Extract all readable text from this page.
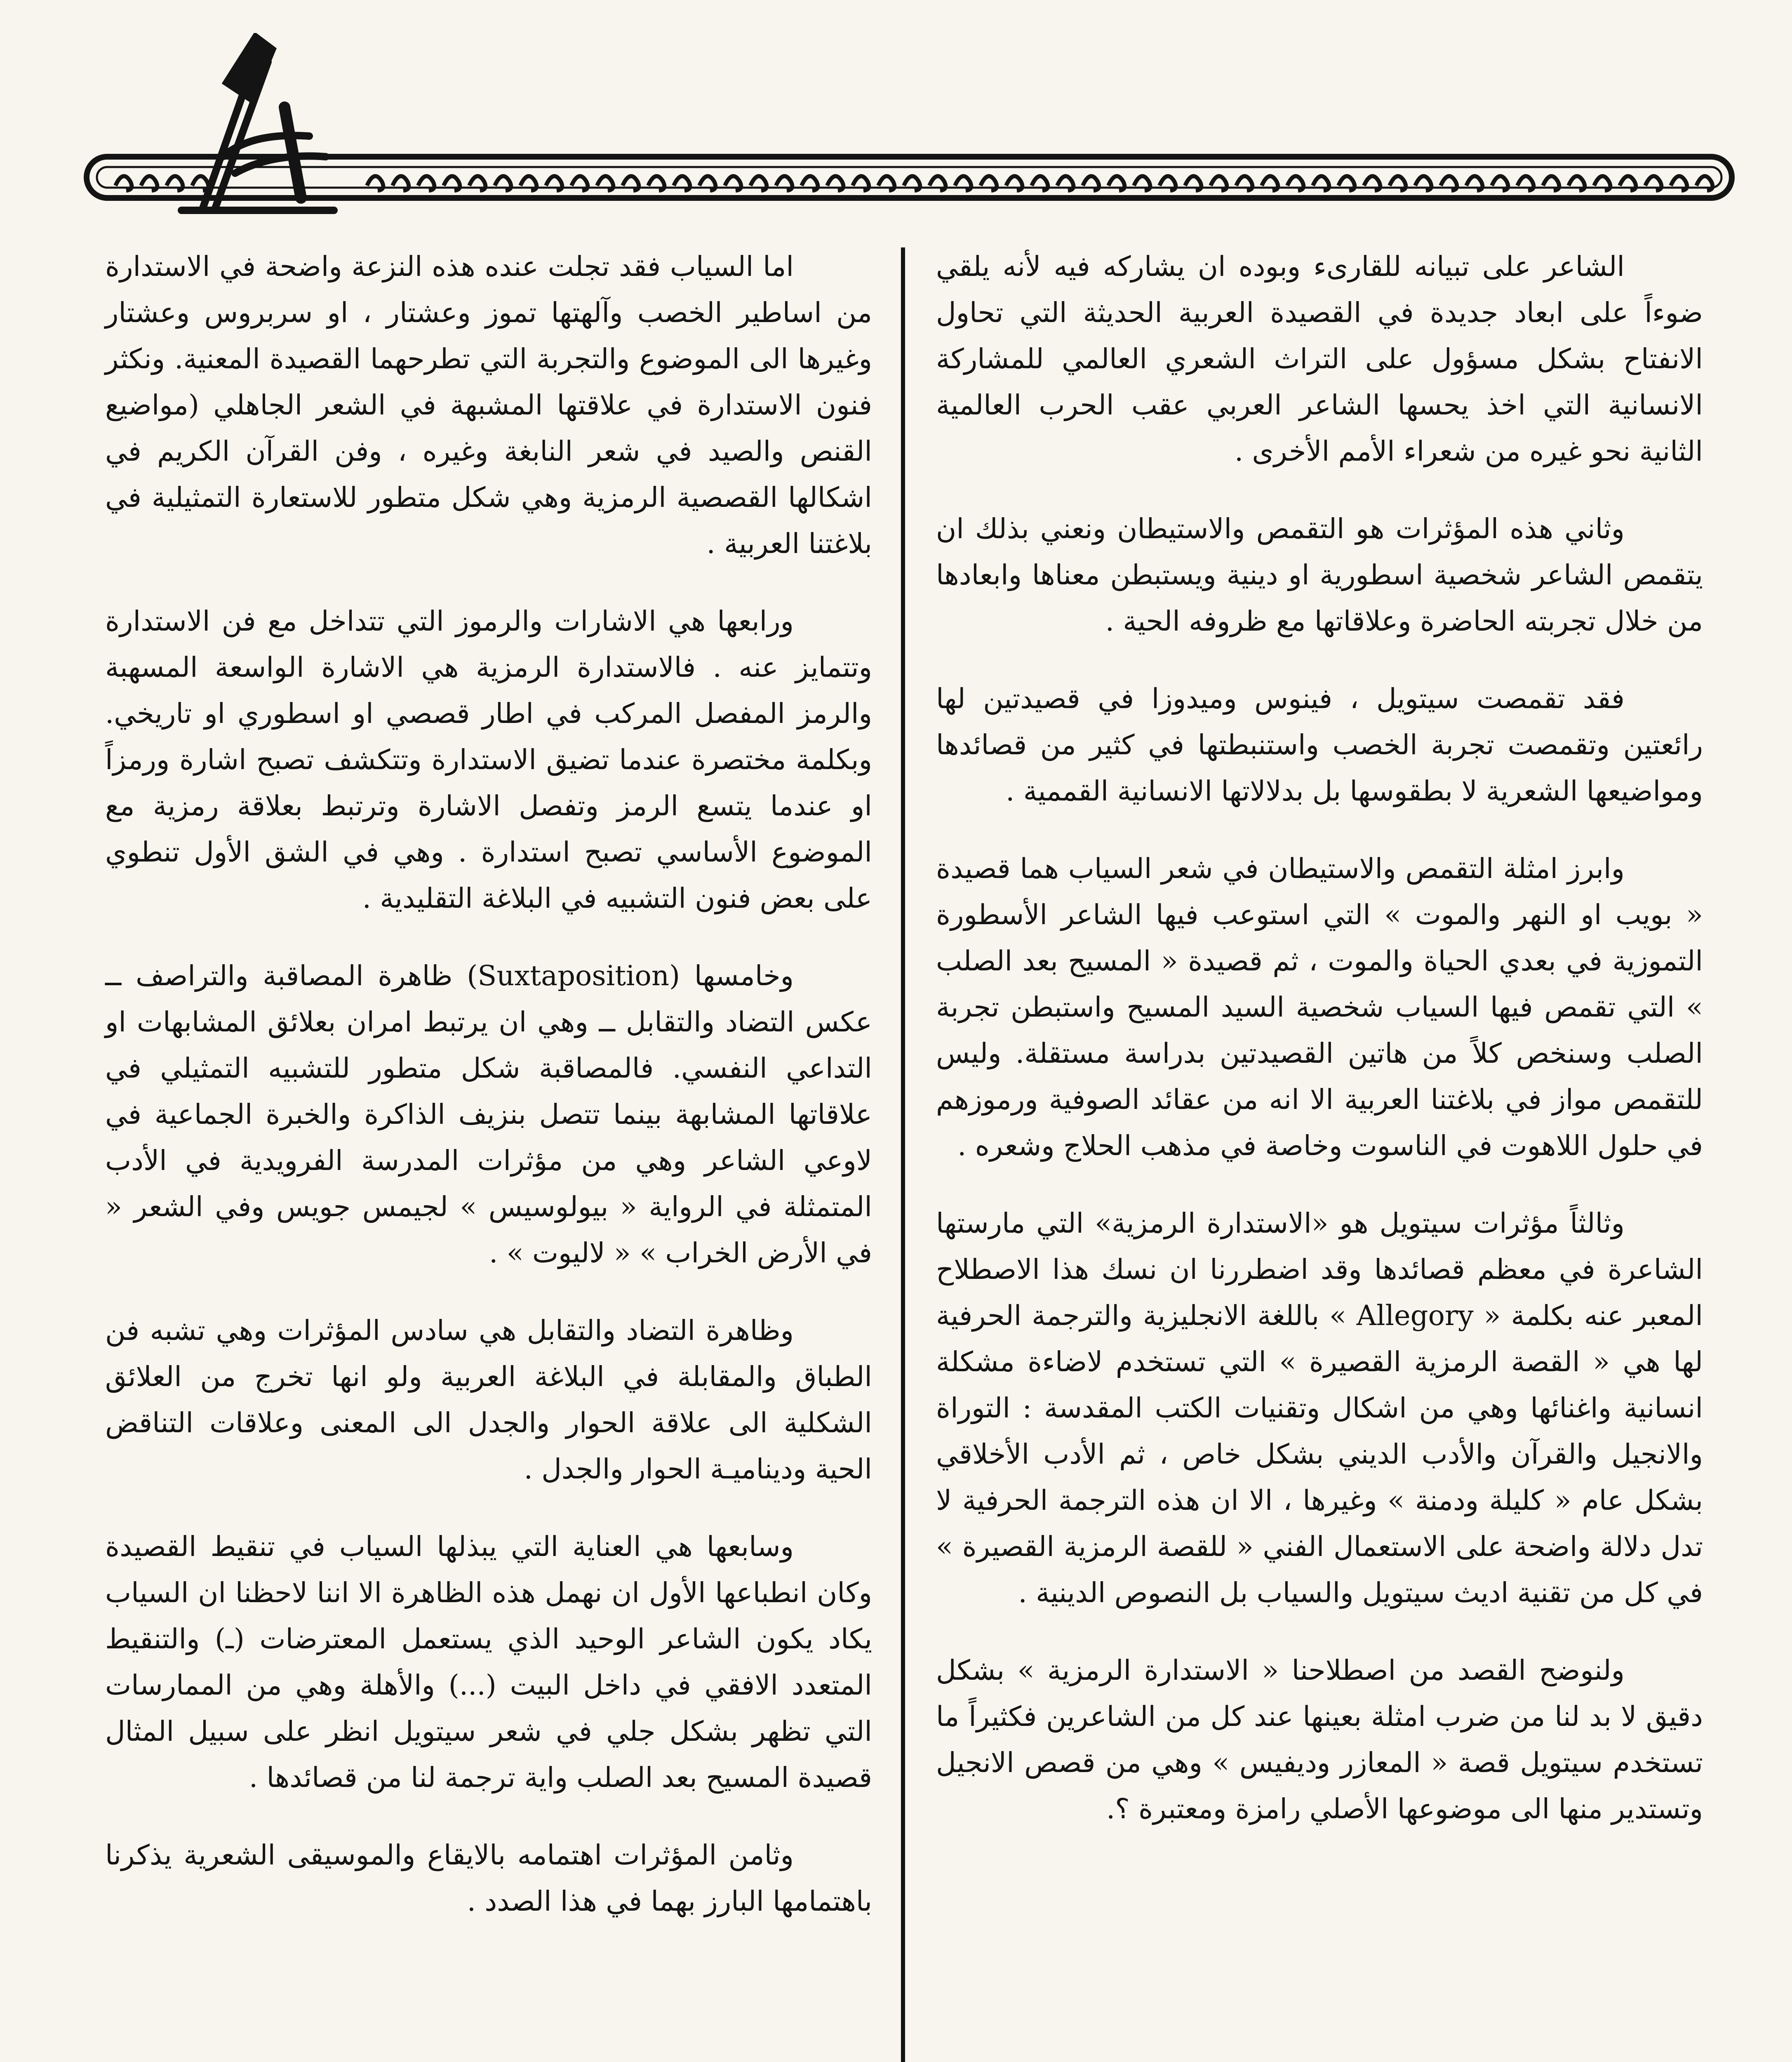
الشاعر على تبيانه للقارىء وبوده ان يشاركه فيه لأنه يلقي ضوءاً على ابعاد جديدة في القصيدة العربية الحديثة التي تحاول الانفتاح بشكل مسؤول على التراث الشعري العالمي للمشاركة الانسانية التي اخذ يحسها الشاعر العربي عقب الحرب العالمية الثانية نحو غيره من شعراء الأمم الأخرى .

وثاني هذه المؤثرات هو التقمص والاستيطان ونعني بذلك ان يتقمص الشاعر شخصية اسطورية او دينية ويستبطن معناها وابعادها من خلال تجربته الحاضرة وعلاقاتها مع ظروفه الحية .

فقد تقمصت سيتويل ، فينوس وميدوزا في قصيدتين لها رائعتين وتقمصت تجربة الخصب واستنبطتها في كثير من قصائدها ومواضيعها الشعرية لا بطقوسها بل بدلالاتها الانسانية القممية .

وابرز امثلة التقمص والاستيطان في شعر السياب هما قصيدة « بويب او النهر والموت » التي استوعب فيها الشاعر الأسطورة التموزية في بعدي الحياة والموت ، ثم قصيدة « المسيح بعد الصلب » التي تقمص فيها السياب شخصية السيد المسيح واستبطن تجربة الصلب وسنخص كلاً من هاتين القصيدتين بدراسة مستقلة. وليس للتقمص مواز في بلاغتنا العربية الا انه من عقائد الصوفية ورموزهم في حلول اللاهوت في الناسوت وخاصة في مذهب الحلاج وشعره .

وثالثاً مؤثرات سيتويل هو «الاستدارة الرمزية» التي مارستها الشاعرة في معظم قصائدها وقد اضطررنا ان نسك هذا الاصطلاح المعبر عنه بكلمة « Allegory » باللغة الانجليزية والترجمة الحرفية لها هي « القصة الرمزية القصيرة » التي تستخدم لاضاءة مشكلة انسانية واغنائها وهي من اشكال وتقنيات الكتب المقدسة : التوراة والانجيل والقرآن والأدب الديني بشكل خاص ، ثم الأدب الأخلاقي بشكل عام « كليلة ودمنة » وغيرها ، الا ان هذه الترجمة الحرفية لا تدل دلالة واضحة على الاستعمال الفني « للقصة الرمزية القصيرة » في كل من تقنية اديث سيتويل والسياب بل النصوص الدينية .

ولنوضح القصد من اصطلاحنا « الاستدارة الرمزية » بشكل دقيق لا بد لنا من ضرب امثلة بعينها عند كل من الشاعرين فكثيراً ما تستخدم سيتويل قصة « المعازر وديفيس » وهي من قصص الانجيل وتستدير منها الى موضوعها الأصلي رامزة ومعتبرة ؟.

اما السياب فقد تجلت عنده هذه النزعة واضحة في الاستدارة من اساطير الخصب وآلهتها تموز وعشتار ، او سربروس وعشتار وغيرها الى الموضوع والتجربة التي تطرحهما القصيدة المعنية. ونكثر فنون الاستدارة في علاقتها المشبهة في الشعر الجاهلي (مواضيع القنص والصيد في شعر النابغة وغيره ، وفن القرآن الكريم في اشكالها القصصية الرمزية وهي شكل متطور للاستعارة التمثيلية في بلاغتنا العربية .

ورابعها هي الاشارات والرموز التي تتداخل مع فن الاستدارة وتتمايز عنه . فالاستدارة الرمزية هي الاشارة الواسعة المسهبة والرمز المفصل المركب في اطار قصصي او اسطوري او تاريخي. وبكلمة مختصرة عندما تضيق الاستدارة وتتكشف تصبح اشارة ورمزاً او عندما يتسع الرمز وتفصل الاشارة وترتبط بعلاقة رمزية مع الموضوع الأساسي تصبح استدارة . وهي في الشق الأول تنطوي على بعض فنون التشبيه في البلاغة التقليدية .

وخامسها (Suxtaposition) ظاهرة المصاقبة والتراصف ــ عكس التضاد والتقابل ــ وهي ان يرتبط امران بعلائق المشابهات او التداعي النفسي. فالمصاقبة شكل متطور للتشبيه التمثيلي في علاقاتها المشابهة بينما تتصل بنزيف الذاكرة والخبرة الجماعية في لاوعي الشاعر وهي من مؤثرات المدرسة الفرويدية في الأدب المتمثلة في الرواية « بيولوسيس » لجيمس جويس وفي الشعر « في الأرض الخراب » « لاليوت » .

وظاهرة التضاد والتقابل هي سادس المؤثرات وهي تشبه فن الطباق والمقابلة في البلاغة العربية ولو انها تخرج من العلائق الشكلية الى علاقة الحوار والجدل الى المعنى وعلاقات التناقض الحية وديناميـة الحوار والجدل .

وسابعها هي العناية التي يبذلها السياب في تنقيط القصيدة وكان انطباعها الأول ان نهمل هذه الظاهرة الا اننا لاحظنا ان السياب يكاد يكون الشاعر الوحيد الذي يستعمل المعترضات (ـ) والتنقيط المتعدد الافقي في داخل البيت (...) والأهلة وهي من الممارسات التي تظهر بشكل جلي في شعر سيتويل انظر على سبيل المثال قصيدة المسيح بعد الصلب واية ترجمة لنا من قصائدها .

وثامن المؤثرات اهتمامه بالايقاع والموسيقى الشعرية يذكرنا باهتمامها البارز بهما في هذا الصدد .
